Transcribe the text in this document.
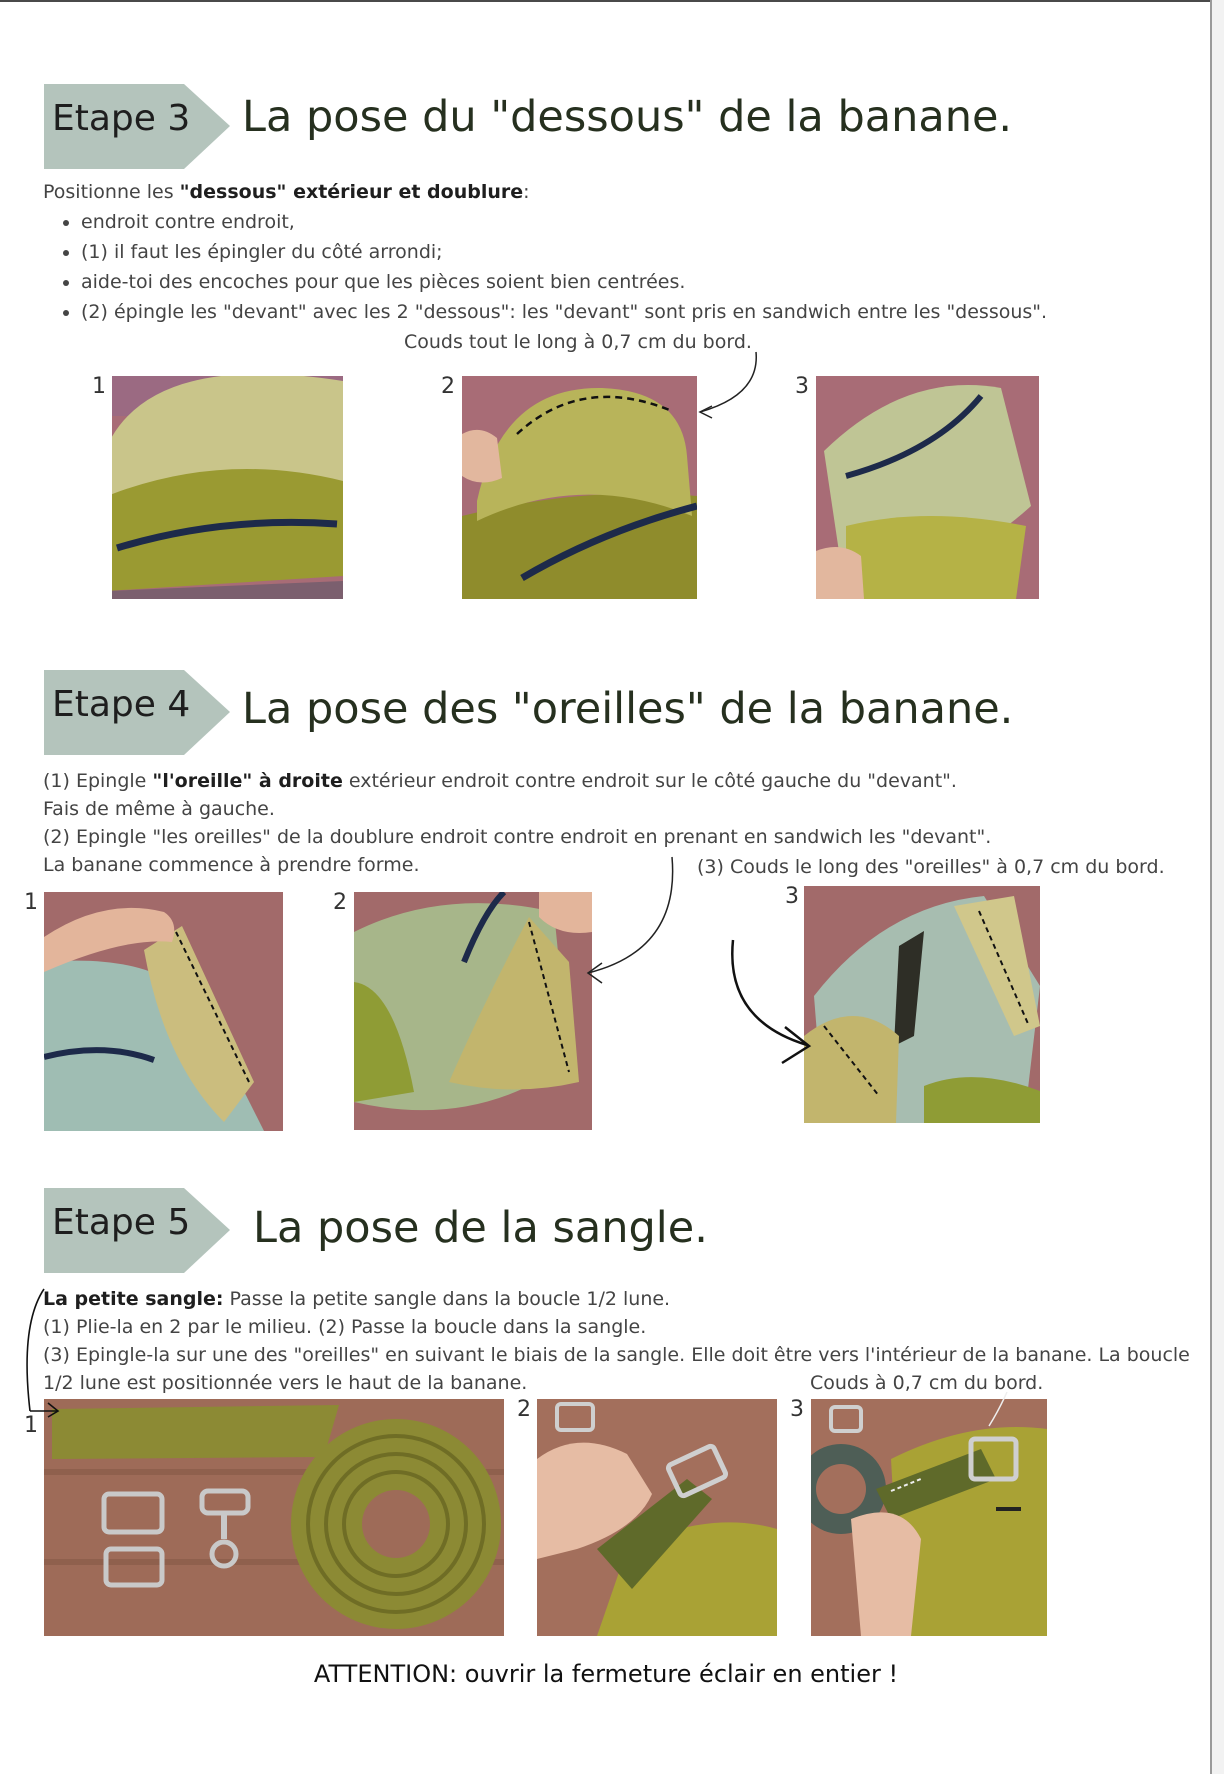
Etape 3 La pose du "dessous" de la banane.
Positionne les "dessous" extérieur et doublure:
• endroit contre endroit,
• (1) il faut les épingler du côté arrondi;
• aide-toi des encoches pour que les pièces soient bien centrées.
• (2) épingle les "devant" avec les 2 "dessous": les "devant" sont pris en sandwich entre les "dessous".
Couds tout le long à 0,7 cm du bord.
1	2	3
Etape 4 La pose des "oreilles" de la banane.
(1) Epingle "l'oreille" à droite extérieur endroit contre endroit sur le côté gauche du "devant".
Fais de même à gauche.
(2) Epingle "les oreilles" de la doublure endroit contre endroit en prenant en sandwich les "devant".
La banane commence à prendre forme.	(3) Couds le long des "oreilles" à 0,7 cm du bord.
1	2	3
Etape 5 La pose de la sangle.
La petite sangle: Passe la petite sangle dans la boucle 1/2 lune.
(1) Plie-la en 2 par le milieu. (2) Passe la boucle dans la sangle.
(3) Epingle-la sur une des "oreilles" en suivant le biais de la sangle. Elle doit être vers l'intérieur de la banane. La boucle
1/2 lune est positionnée vers le haut de la banane.	Couds à 0,7 cm du bord.
1
2	3
ATTENTION: ouvrir la fermeture éclair en entier !
